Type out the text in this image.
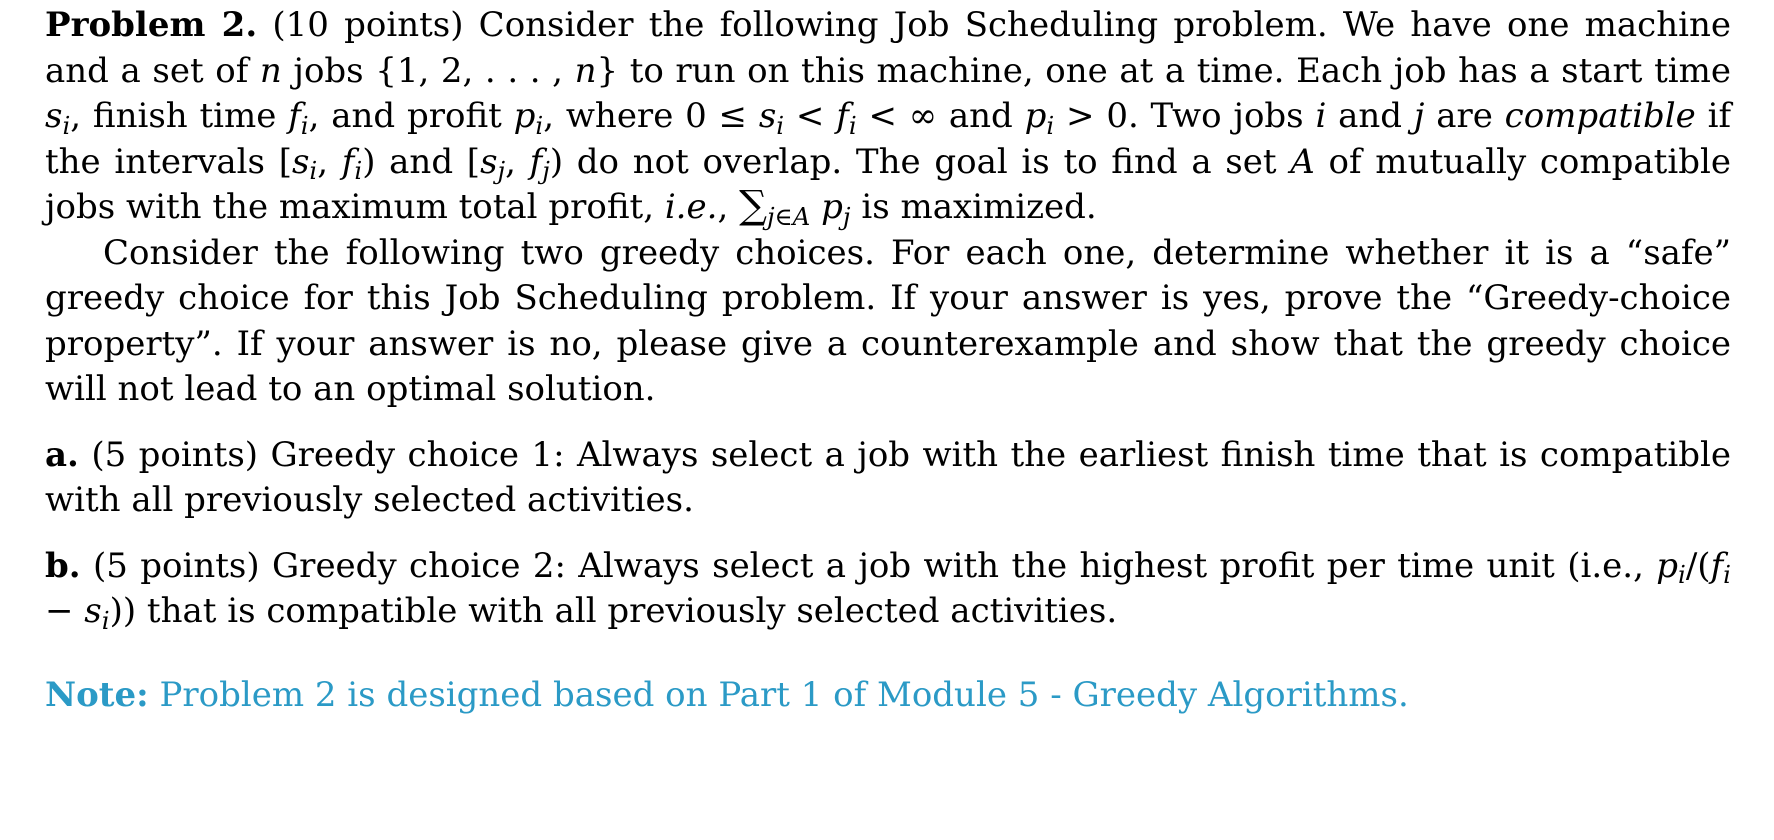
Problem 2. (10 points) Consider the following Job Scheduling problem. We have one machine and a set of n jobs {1, 2, . . . , n} to run on this machine, one at a time. Each job has a start time $s_i$, finish time $f_i$, and profit $p_i$, where $0 \le s_i < f_i$ < ∞ and $p_i > 0$. Two jobs i and j are compatible if the intervals [$s_i$, $f_i$) and [$s_j$, $f_j$) do not overlap. The goal is to find a set A of mutually compatible jobs with the maximum total profit, i.e., $\sum_{j\in A}$ $p_j$ is maximized.

Consider the following two greedy choices. For each one, determine whether it is a “safe” greedy choice for this Job Scheduling problem. If your answer is yes, prove the “Greedy-choice property”. If your answer is no, please give a counterexample and show that the greedy choice will not lead to an optimal solution.

a. (5 points) Greedy choice 1: Always select a job with the earliest finish time that is compatible with all previously selected activities.

b. (5 points) Greedy choice 2: Always select a job with the highest profit per time unit (i.e., $p_i/(f_i - s_i)$) that is compatible with all previously selected activities.

Note: Problem 2 is designed based on Part 1 of Module 5 - Greedy Algorithms.
